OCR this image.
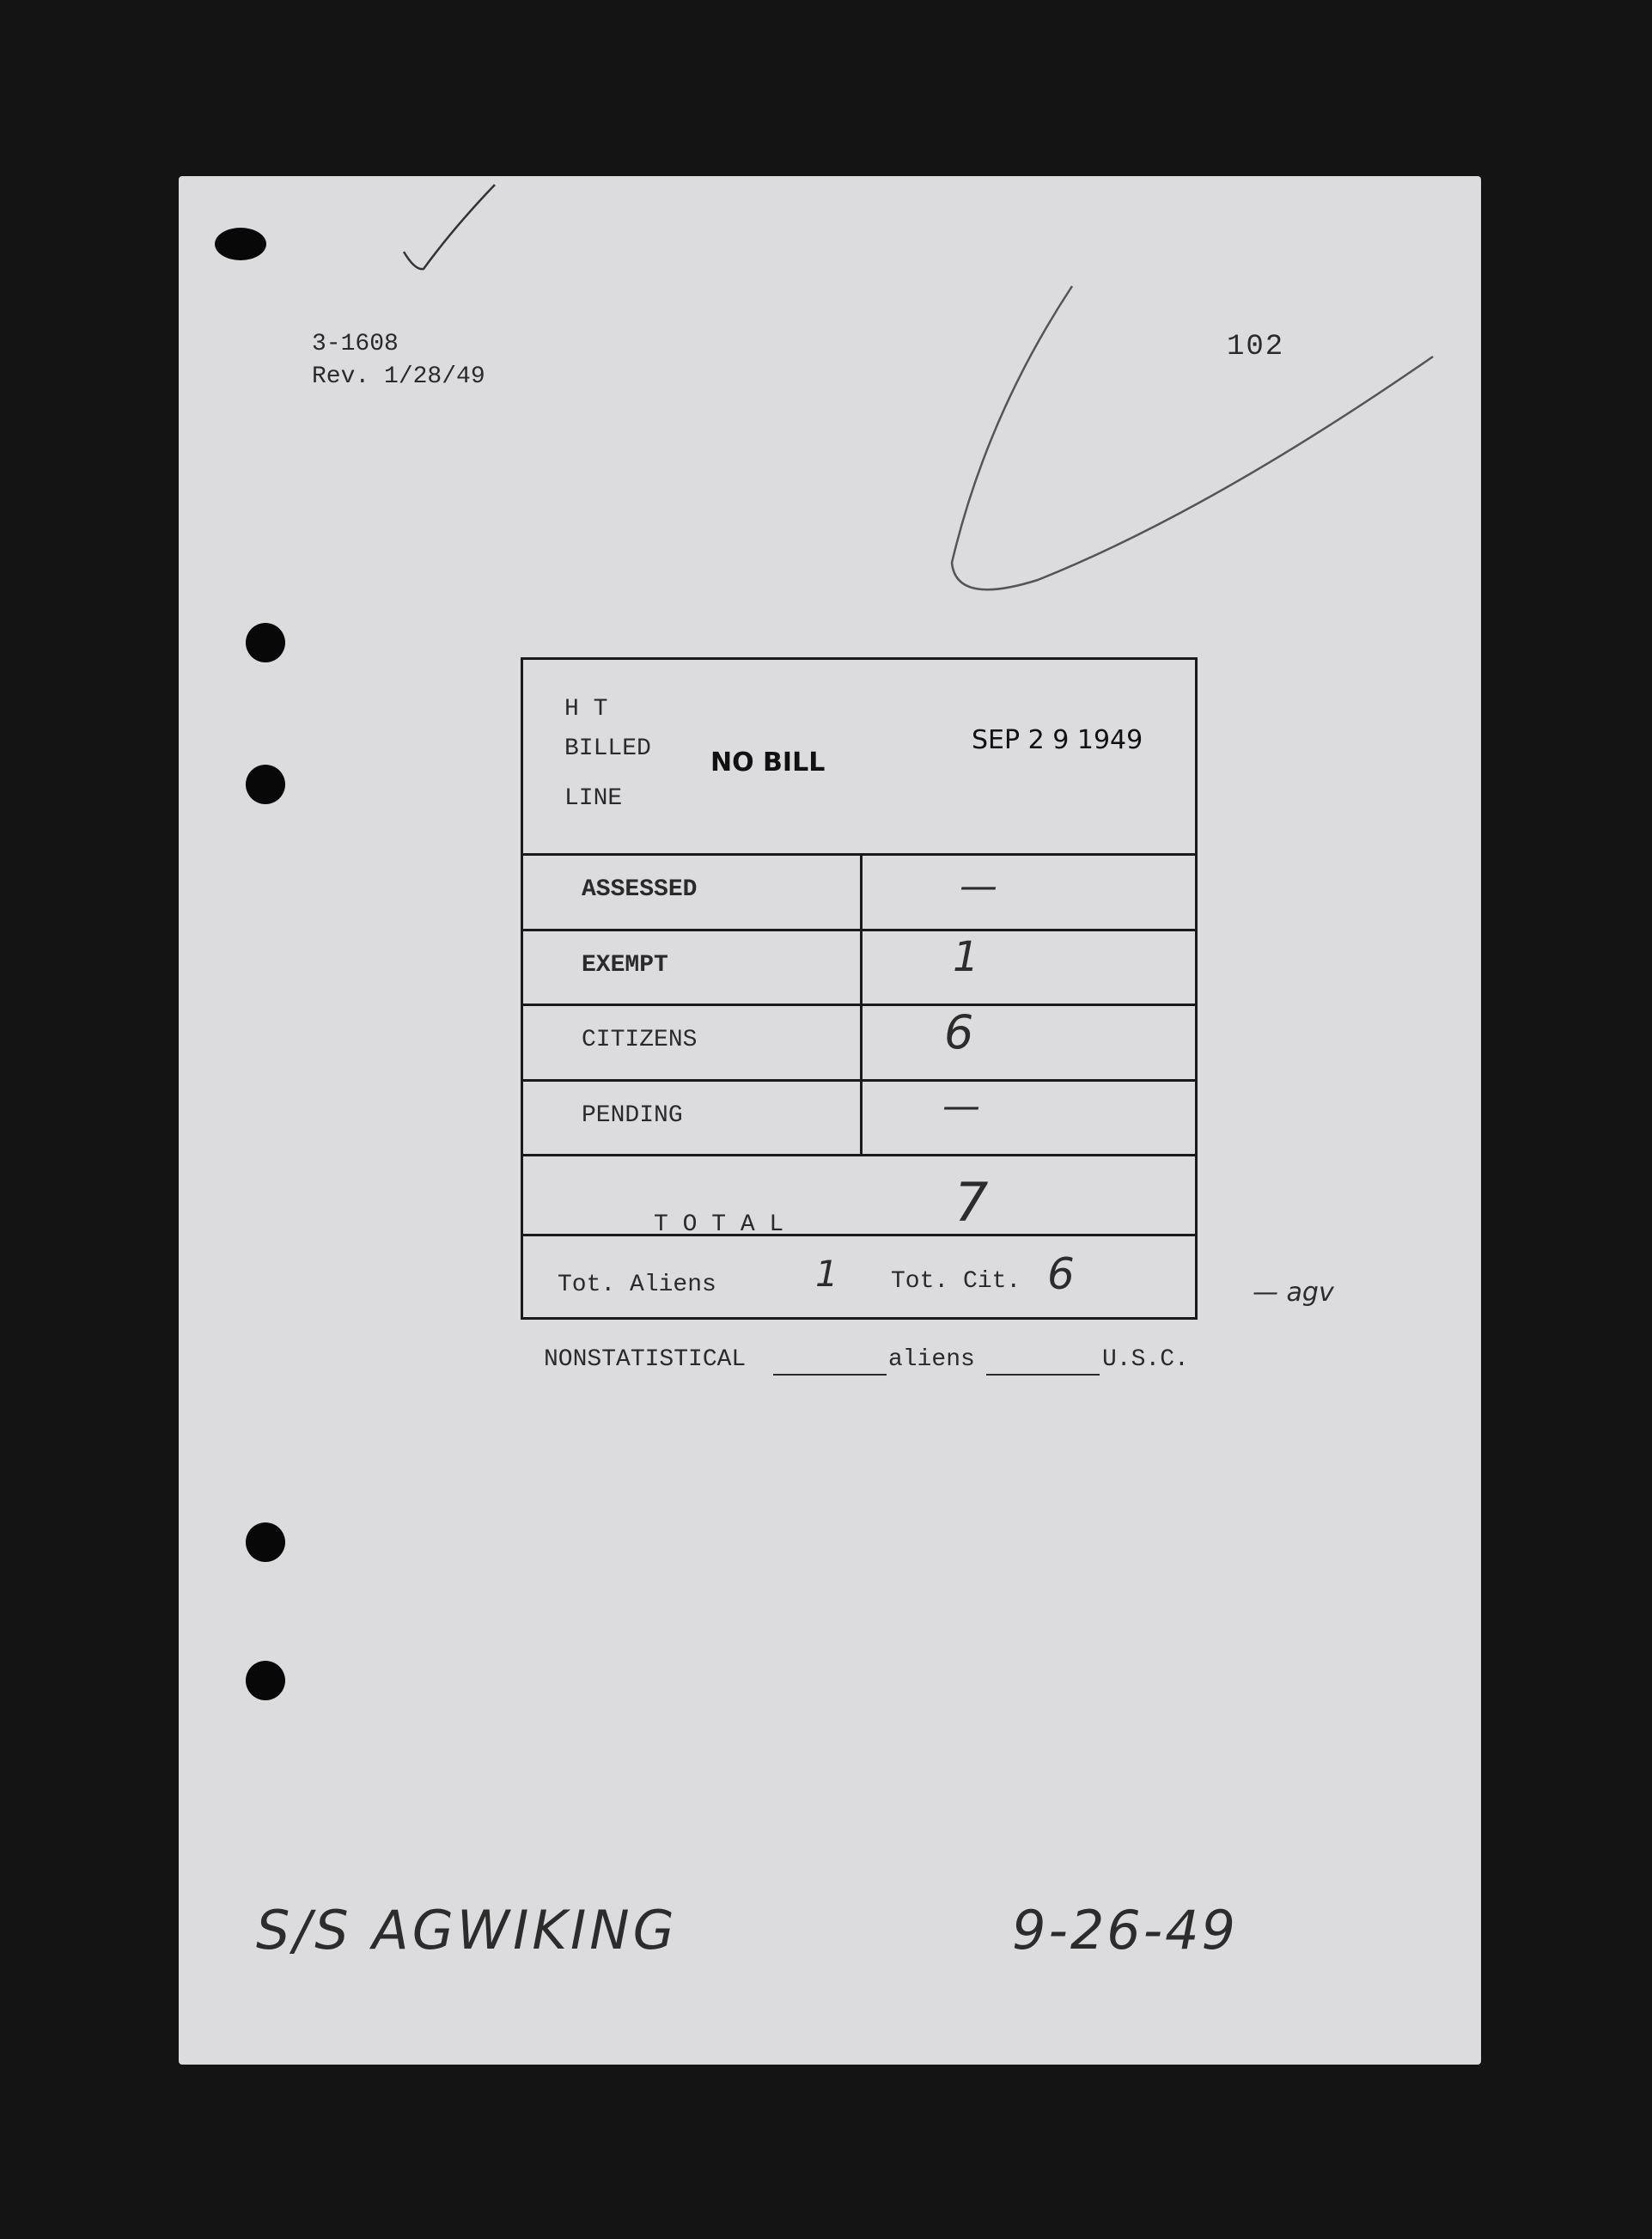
3-1608
Rev. 1/28/49
102
H T
BILLED
LINE
NO BILL
SEP 2 9 1949
ASSESSED	—
EXEMPT	1
CITIZENS	6
PENDING	—
T O T A L	7
Tot. Aliens	1 Tot. Cit. 6	— agv
NONSTATISTICAL	aliens	U.S.C.
S/S AGWIKING	9-26-49
